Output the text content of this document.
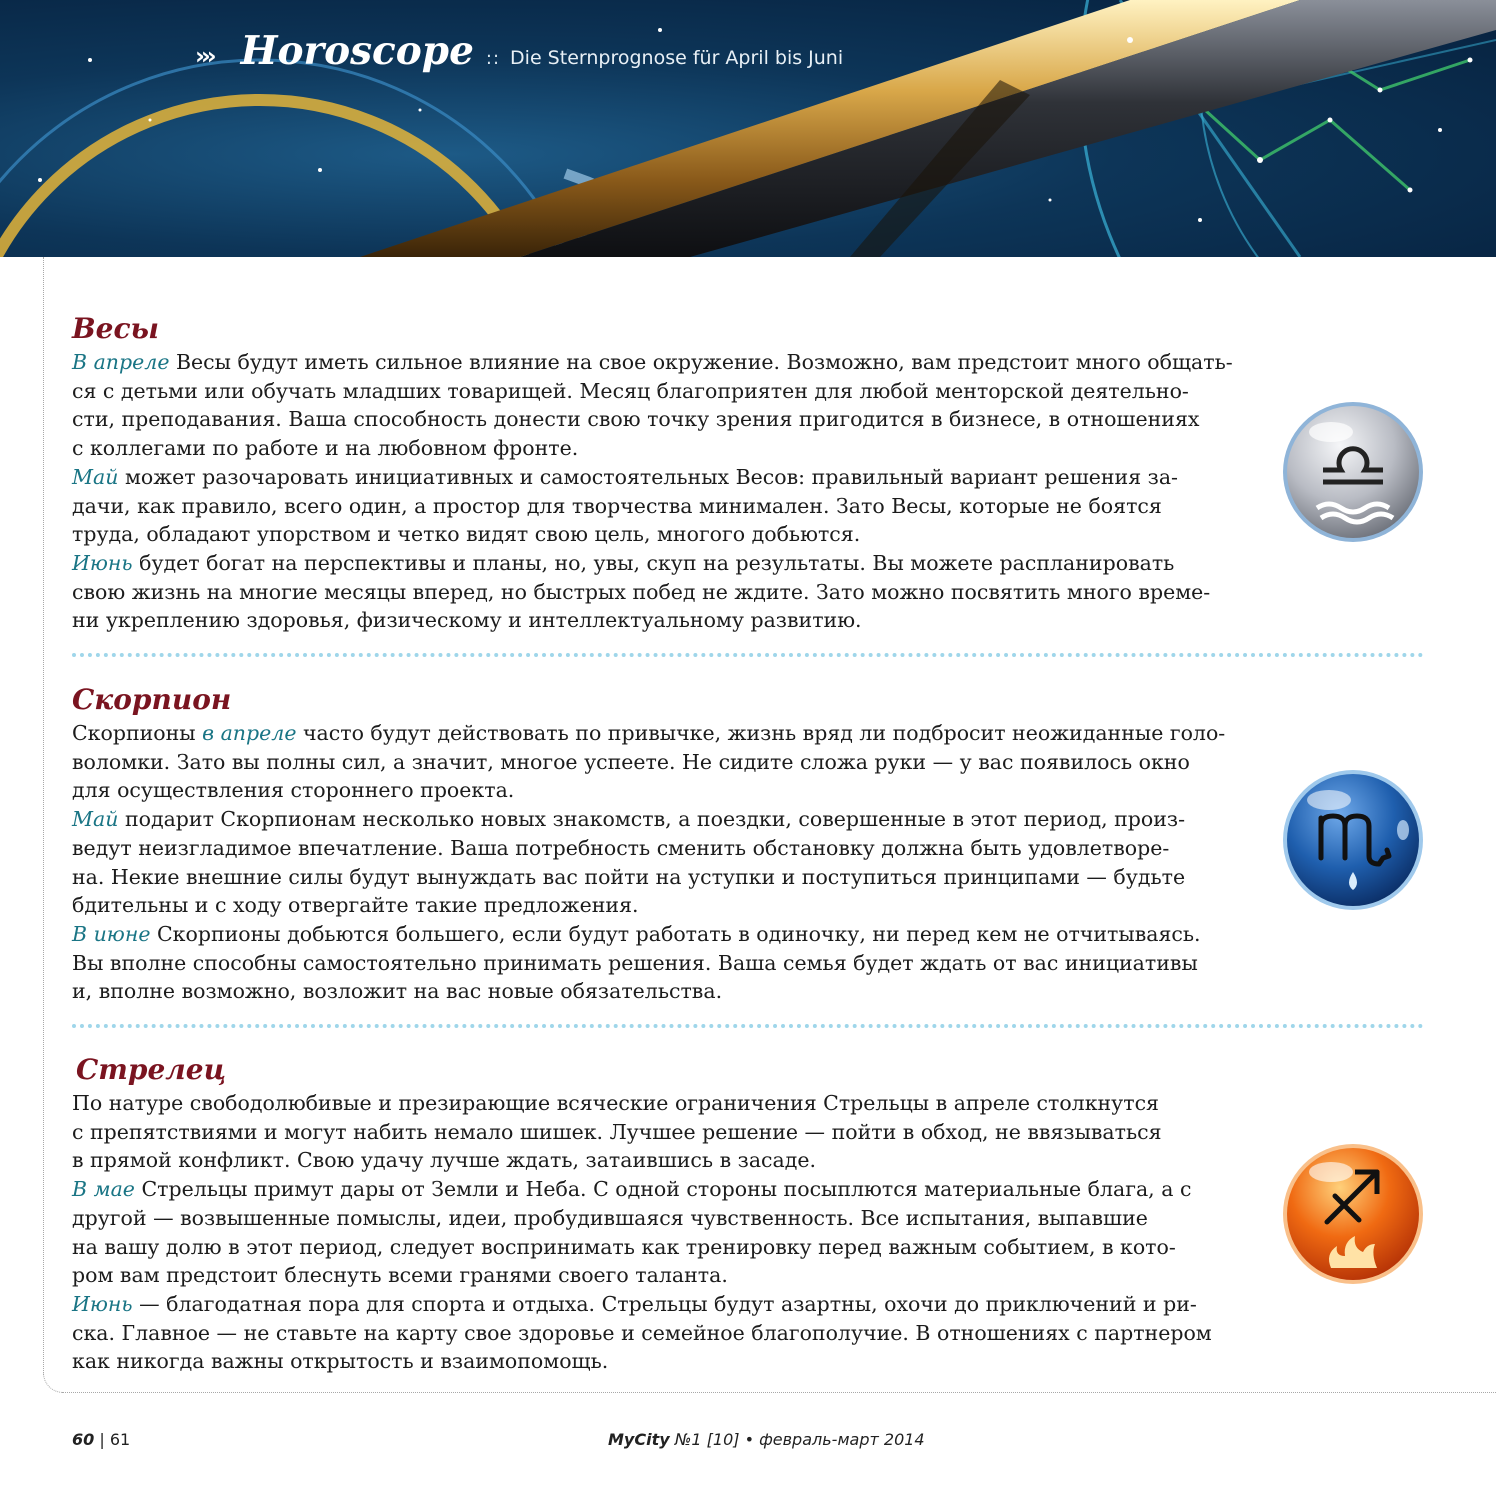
››› Horoscope :: Die Sternprognose für April bis Juni
Весы

В апреле Весы будут иметь сильное влияние на свое окружение. Возможно, вам предстоит много общать-
ся с детьми или обучать младших товарищей. Месяц благоприятен для любой менторской деятельно-
сти, преподавания. Ваша способность донести свою точку зрения пригодится в бизнесе, в отношениях
с коллегами по работе и на любовном фронте.

Май может разочаровать инициативных и самостоятельных Весов: правильный вариант решения за-
дачи, как правило, всего один, а простор для творчества минимален. Зато Весы, которые не боятся
труда, обладают упорством и четко видят свою цель, многого добьются.

Июнь будет богат на перспективы и планы, но, увы, скуп на результаты. Вы можете распланировать
свою жизнь на многие месяцы вперед, но быстрых побед не ждите. Зато можно посвятить много време-
ни укреплению здоровья, физическому и интеллектуальному развитию.

Скорпион

Скорпионы в апреле часто будут действовать по привычке, жизнь вряд ли подбросит неожиданные голо-
воломки. Зато вы полны сил, а значит, многое успеете. Не сидите сложа руки — у вас появилось окно
для осуществления стороннего проекта.

Май подарит Скорпионам несколько новых знакомств, а поездки, совершенные в этот период, произ-
ведут неизгладимое впечатление. Ваша потребность сменить обстановку должна быть удовлетворе-
на. Некие внешние силы будут вынуждать вас пойти на уступки и поступиться принципами — будьте
бдительны и с ходу отвергайте такие предложения.

В июне Скорпионы добьются большего, если будут работать в одиночку, ни перед кем не отчитываясь.
Вы вполне способны самостоятельно принимать решения. Ваша семья будет ждать от вас инициативы
и, вполне возможно, возложит на вас новые обязательства.

Стрелец

По натуре свободолюбивые и презирающие всяческие ограничения Стрельцы в апреле столкнутся
с препятствиями и могут набить немало шишек. Лучшее решение — пойти в обход, не ввязываться
в прямой конфликт. Свою удачу лучше ждать, затаившись в засаде.

В мае Стрельцы примут дары от Земли и Неба. С одной стороны посыплются материальные блага, а с
другой — возвышенные помыслы, идеи, пробудившаяся чувственность. Все испытания, выпавшие
на вашу долю в этот период, следует воспринимать как тренировку перед важным событием, в кото-
ром вам предстоит блеснуть всеми гранями своего таланта.

Июнь — благодатная пора для спорта и отдыха. Стрельцы будут азартны, охочи до приключений и ри-
ска. Главное — не ставьте на карту свое здоровье и семейное благополучие. В отношениях с партнером
как никогда важны открытость и взаимопомощь.

60 | 61	MyCity №1 [10] • февраль-март 2014
